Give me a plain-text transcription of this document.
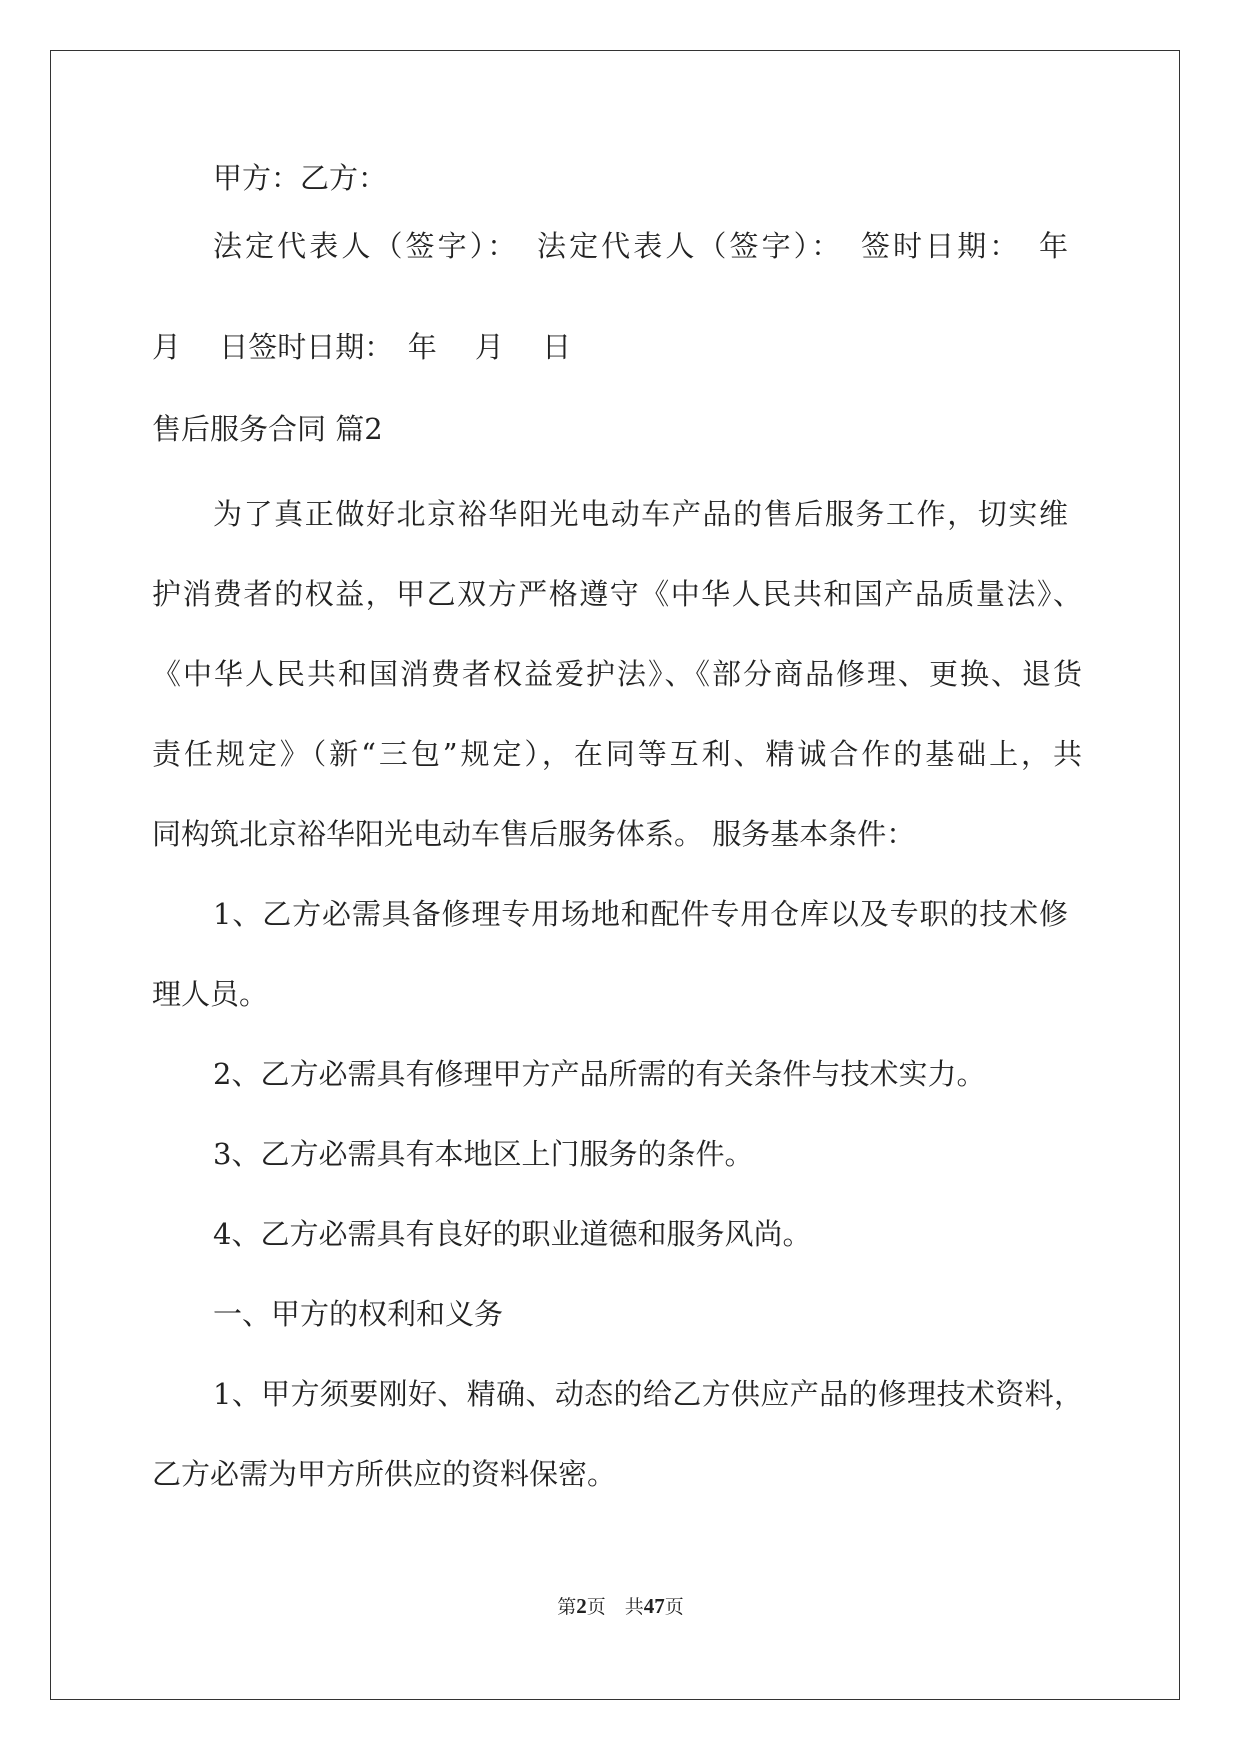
甲方：乙方：

法定代表人（签字）：　法定代表人（签字）：　签时日期：　年

月　 日签时日期：　年　 月　 日

售后服务合同 篇2

为了真正做好北京裕华阳光电动车产品的售后服务工作，切实维

护消费者的权益，甲乙双方严格遵守《中华人民共和国产品质量法》、

《中华人民共和国消费者权益爱护法》、《部分商品修理、更换、退货

责任规定》（新“三包”规定），在同等互利、精诚合作的基础上，共

同构筑北京裕华阳光电动车售后服务体系。 服务基本条件：

1、乙方必需具备修理专用场地和配件专用仓库以及专职的技术修

理人员。

2、乙方必需具有修理甲方产品所需的有关条件与技术实力。

3、乙方必需具有本地区上门服务的条件。

4、乙方必需具有良好的职业道德和服务风尚。

一、甲方的权利和义务

1、甲方须要刚好、精确、动态的给乙方供应产品的修理技术资料，

乙方必需为甲方所供应的资料保密。

第2页　共47页
